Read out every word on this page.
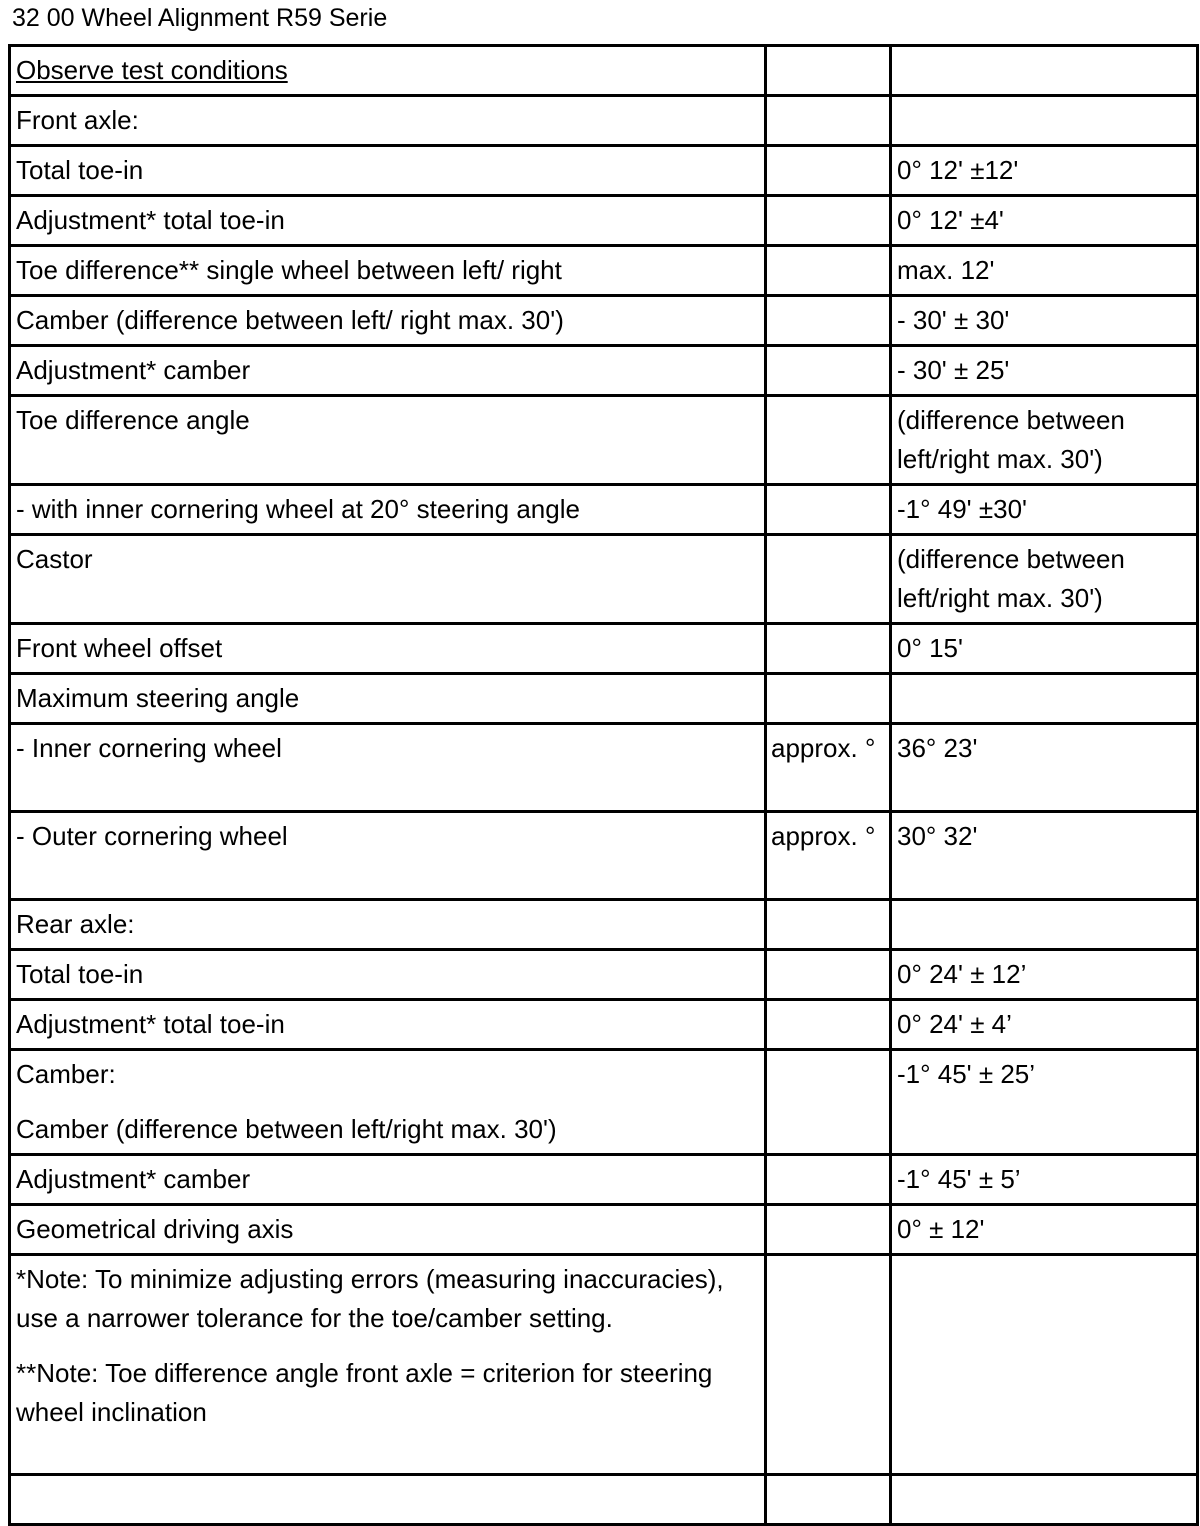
32 00 Wheel Alignment R59 Serie
Observe test conditions		
Front axle:		
Total toe-in		0° 12' ±12'
Adjustment* total toe-in		0° 12' ±4'
Toe difference** single wheel between left/ right		max. 12'
Camber (difference between left/ right max. 30')		- 30' ± 30'
Adjustment* camber		- 30' ± 25'
Toe difference angle		(difference between left/right max. 30')
- with inner cornering wheel at 20° steering angle		-1° 49' ±30'
Castor		(difference between left/right max. 30')
Front wheel offset		0° 15'
Maximum steering angle		
- Inner cornering wheel	approx. °	36° 23'
- Outer cornering wheel	approx. °	30° 32'
Rear axle:		
Total toe-in		0° 24' ± 12’
Adjustment* total toe-in		0° 24' ± 4’

Camber:
Camber (difference between left/right max. 30')		-1° 45' ± 25’
Adjustment* camber		-1° 45' ± 5’
Geometrical driving axis		0° ± 12'

*Note: To minimize adjusting errors (measuring inaccuracies), use a narrower tolerance for the toe/camber setting.
**Note: Toe difference angle front axle = criterion for steering wheel inclination		
